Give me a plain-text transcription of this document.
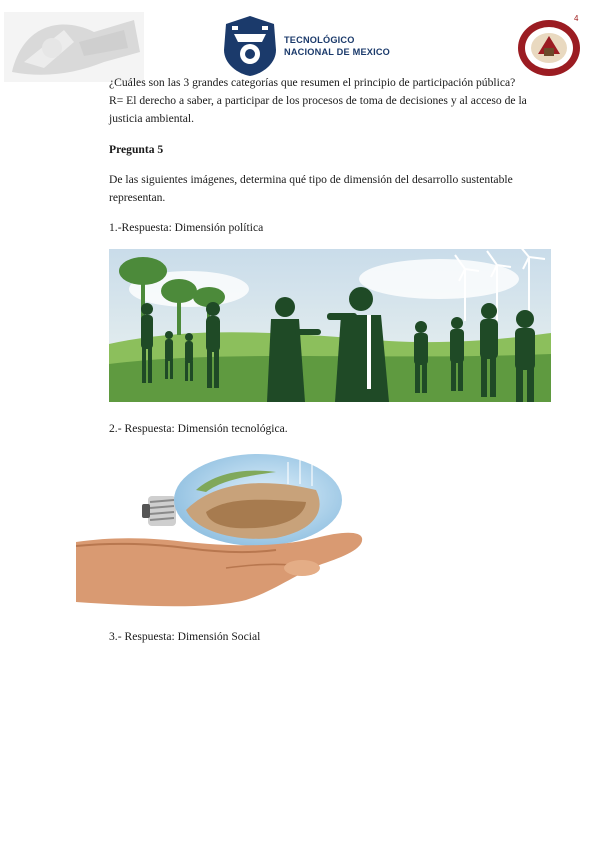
TECNOLÓGICO
NACIONAL DE MEXICO
4
¿Cuáles son las 3 grandes categorías que resumen el principio de participación pública?
R= El derecho a saber, a participar de los procesos de toma de decisiones y al acceso de la
justicia ambiental.
Pregunta 5
De las siguientes imágenes, determina qué tipo de dimensión del desarrollo sustentable
representan.
1.-Respuesta: Dimensión política
2.- Respuesta: Dimensión tecnológica.
3.- Respuesta: Dimensión Social
